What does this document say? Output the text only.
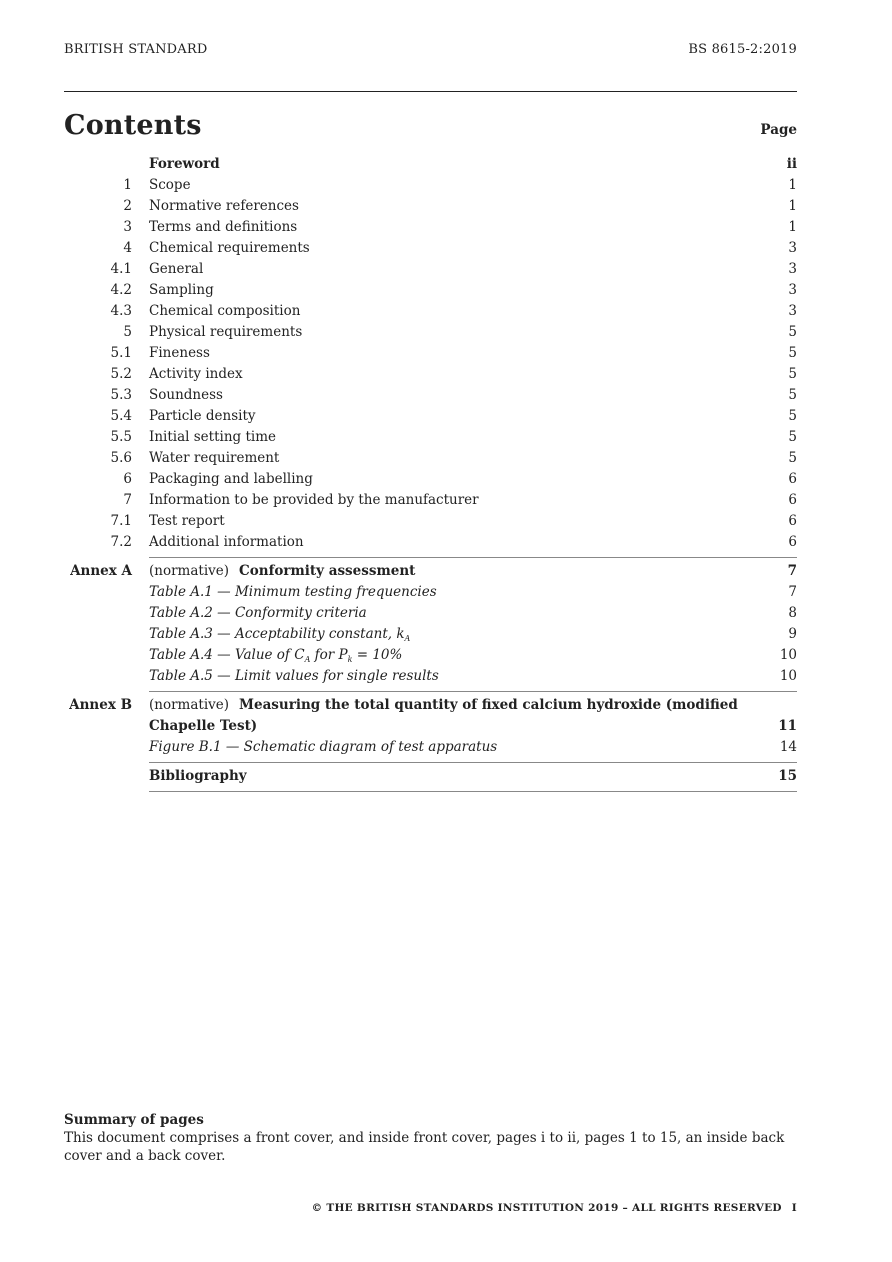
BRITISH STANDARD	BS 8615-2:2019
Contents	Page
Foreword	ii
1 Scope	1
2 Normative references	1
3 Terms and definitions	1
4 Chemical requirements	3
4.1 General	3
4.2 Sampling	3
4.3 Chemical composition	3
5 Physical requirements	5
5.1 Fineness	5
5.2 Activity index	5
5.3 Soundness	5
5.4 Particle density	5
5.5 Initial setting time	5
5.6 Water requirement	5
6 Packaging and labelling	6
7 Information to be provided by the manufacturer	6
7.1 Test report	6
7.2 Additional information	6
Annex A (normative) Conformity assessment	7
Table A.1 — Minimum testing frequencies	7
Table A.2 — Conformity criteria	8
Table A.3 — Acceptability constant, $k_A$	9
Table A.4 — Value of $C_A$ for $P_k = 10\%$	10
Table A.5 — Limit values for single results	10
Annex B (normative) Measuring the total quantity of fixed calcium hydroxide (modified
Chapelle Test)	11
Figure B.1 — Schematic diagram of test apparatus	14
Bibliography	15
Summary of pages
This document comprises a front cover, and inside front cover, pages i to ii, pages 1 to 15, an inside back cover and a back cover.
© THE BRITISH STANDARDS INSTITUTION 2019 – ALL RIGHTS RESERVED I
